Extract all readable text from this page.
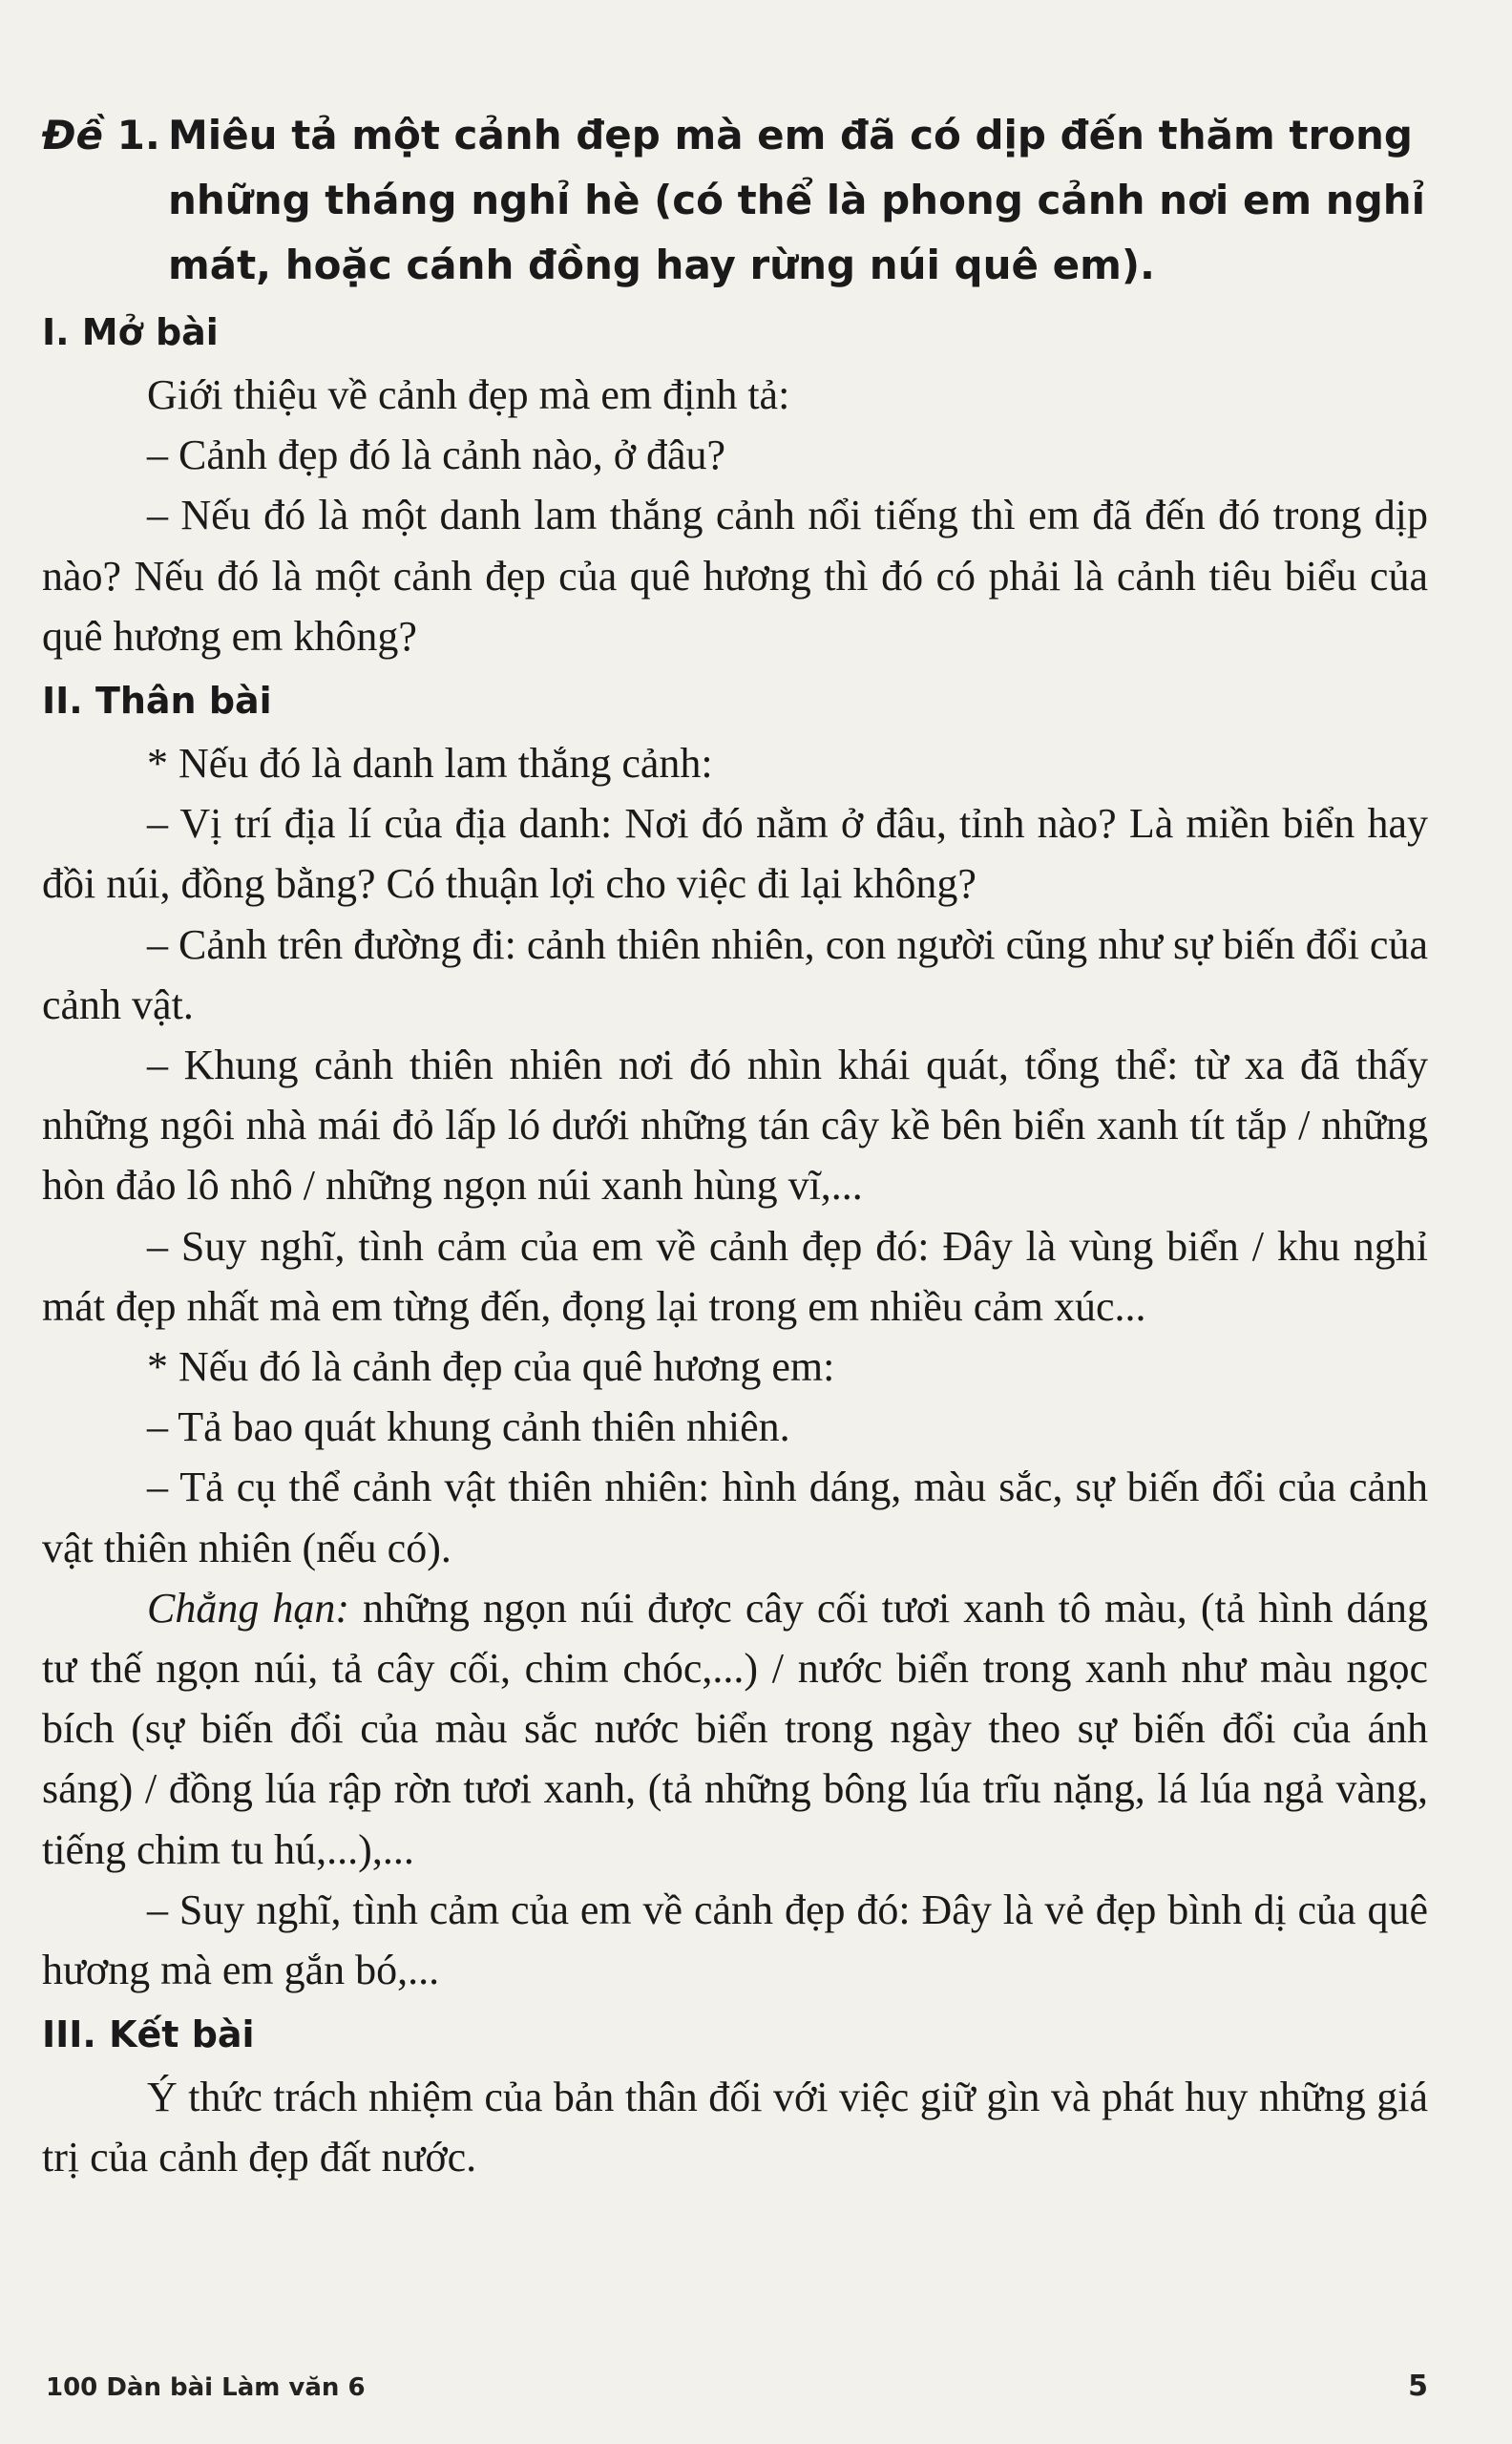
Đề 1. Miêu tả một cảnh đẹp mà em đã có dịp đến thăm trong
những tháng nghỉ hè (có thể là phong cảnh nơi em nghỉ
mát, hoặc cánh đồng hay rừng núi quê em).
I. Mở bài

Giới thiệu về cảnh đẹp mà em định tả:

– Cảnh đẹp đó là cảnh nào, ở đâu?

– Nếu đó là một danh lam thắng cảnh nổi tiếng thì em đã đến đó trong dịp nào? Nếu đó là một cảnh đẹp của quê hương thì đó có phải là cảnh tiêu biểu của quê hương em không?

II. Thân bài

* Nếu đó là danh lam thắng cảnh:

– Vị trí địa lí của địa danh: Nơi đó nằm ở đâu, tỉnh nào? Là miền biển hay đồi núi, đồng bằng? Có thuận lợi cho việc đi lại không?

– Cảnh trên đường đi: cảnh thiên nhiên, con người cũng như sự biến đổi của cảnh vật.

– Khung cảnh thiên nhiên nơi đó nhìn khái quát, tổng thể: từ xa đã thấy những ngôi nhà mái đỏ lấp ló dưới những tán cây kề bên biển xanh tít tắp / những hòn đảo lô nhô / những ngọn núi xanh hùng vĩ,...

– Suy nghĩ, tình cảm của em về cảnh đẹp đó: Đây là vùng biển / khu nghỉ mát đẹp nhất mà em từng đến, đọng lại trong em nhiều cảm xúc...

* Nếu đó là cảnh đẹp của quê hương em:

– Tả bao quát khung cảnh thiên nhiên.

– Tả cụ thể cảnh vật thiên nhiên: hình dáng, màu sắc, sự biến đổi của cảnh vật thiên nhiên (nếu có).

Chẳng hạn: những ngọn núi được cây cối tươi xanh tô màu, (tả hình dáng tư thế ngọn núi, tả cây cối, chim chóc,...) / nước biển trong xanh như màu ngọc bích (sự biến đổi của màu sắc nước biển trong ngày theo sự biến đổi của ánh sáng) / đồng lúa rập rờn tươi xanh, (tả những bông lúa trĩu nặng, lá lúa ngả vàng, tiếng chim tu hú,...),...

– Suy nghĩ, tình cảm của em về cảnh đẹp đó: Đây là vẻ đẹp bình dị của quê hương mà em gắn bó,...

III. Kết bài

Ý thức trách nhiệm của bản thân đối với việc giữ gìn và phát huy những giá trị của cảnh đẹp đất nước.

100 Dàn bài Làm văn 6	5
